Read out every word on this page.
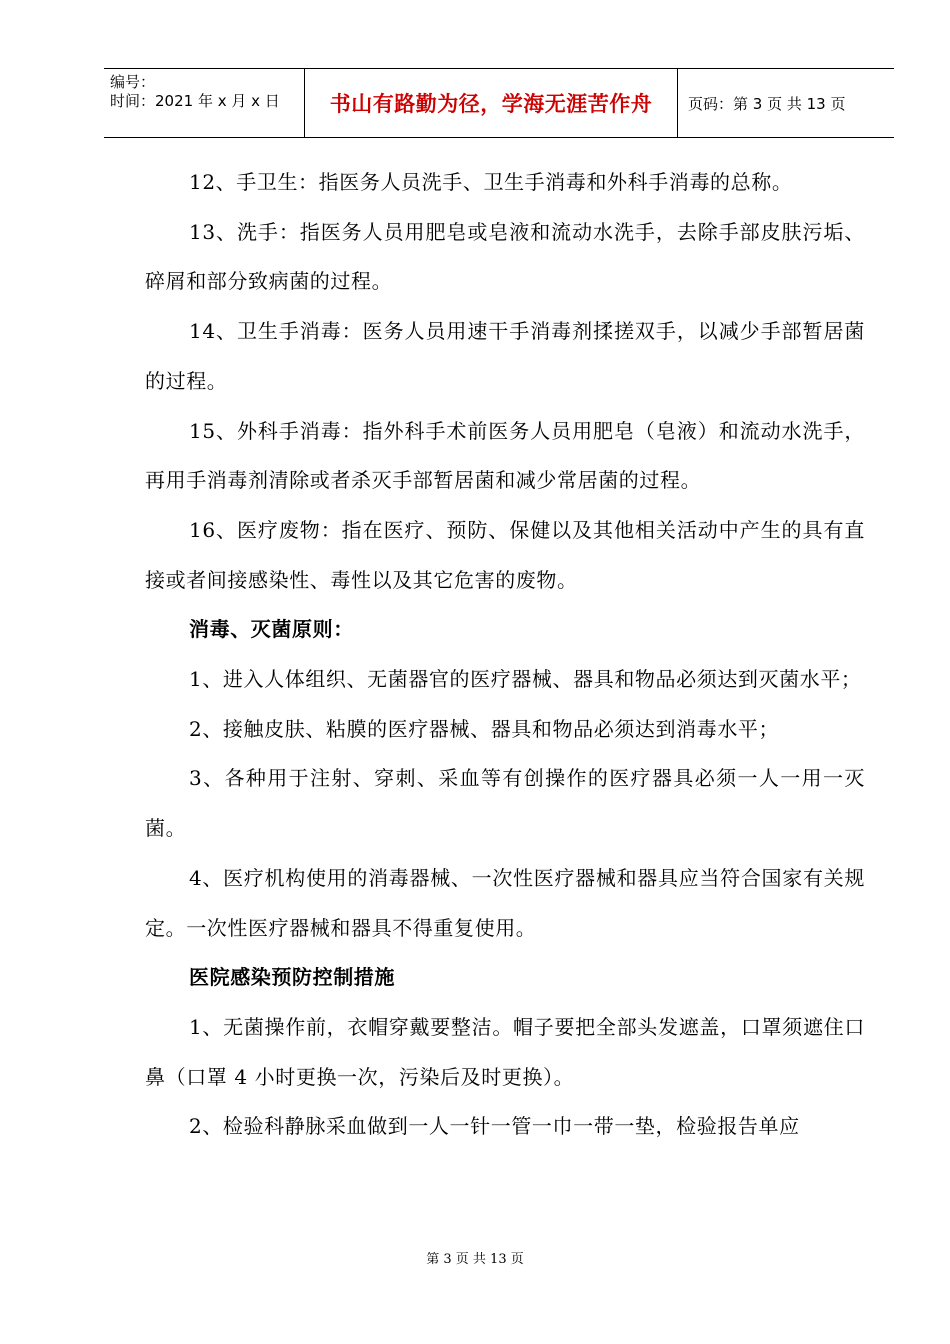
编号：
时间：2021 年 x 月 x 日	书山有路勤为径，学海无涯苦作舟 页码：第 3 页 共 13 页

12、手卫生：指医务人员洗手、卫生手消毒和外科手消毒的总称。

13、洗手：指医务人员用肥皂或皂液和流动水洗手，去除手部皮肤污垢、碎屑和部分致病菌的过程。

14、卫生手消毒：医务人员用速干手消毒剂揉搓双手，以减少手部暂居菌的过程。

15、外科手消毒：指外科手术前医务人员用肥皂（皂液）和流动水洗手，再用手消毒剂清除或者杀灭手部暂居菌和减少常居菌的过程。

16、医疗废物：指在医疗、预防、保健以及其他相关活动中产生的具有直接或者间接感染性、毒性以及其它危害的废物。

消毒、灭菌原则：

1、进入人体组织、无菌器官的医疗器械、器具和物品必须达到灭菌水平；

2、接触皮肤、粘膜的医疗器械、器具和物品必须达到消毒水平；

3、各种用于注射、穿刺、采血等有创操作的医疗器具必须一人一用一灭菌。

4、医疗机构使用的消毒器械、一次性医疗器械和器具应当符合国家有关规定。一次性医疗器械和器具不得重复使用。

医院感染预防控制措施

1、无菌操作前，衣帽穿戴要整洁。帽子要把全部头发遮盖，口罩须遮住口鼻（口罩 4 小时更换一次，污染后及时更换）。

2、检验科静脉采血做到一人一针一管一巾一带一垫，检验报告单应

第 3 页 共 13 页
